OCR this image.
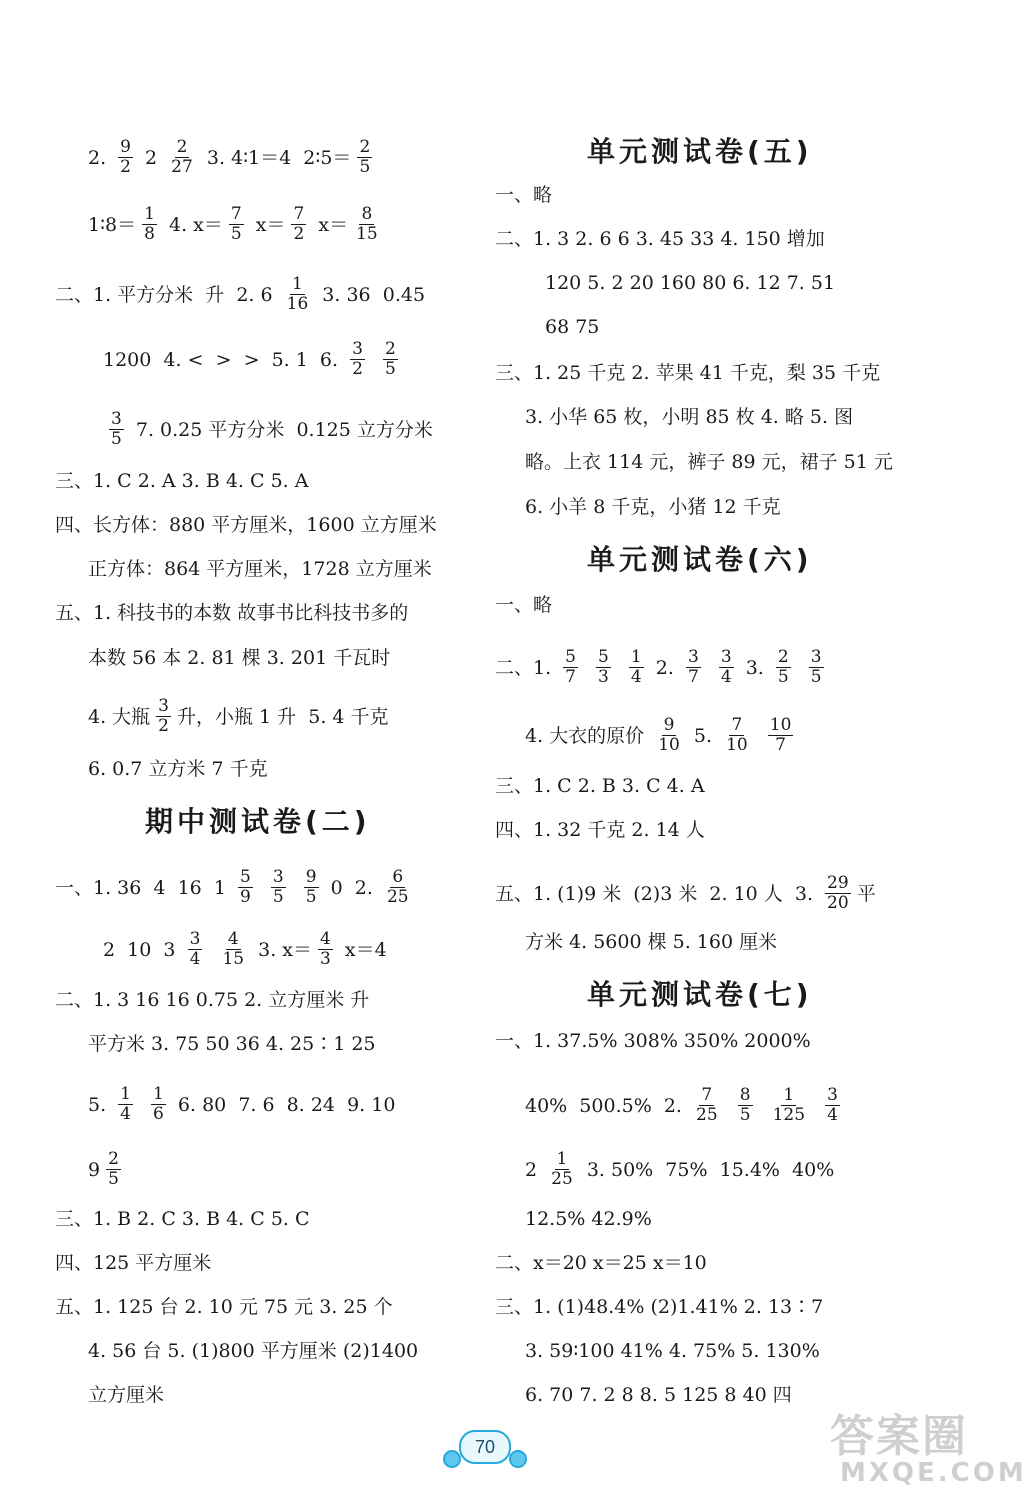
2. $\frac{9}{2} 2 \frac{2}{27} 3$. 4∶1＝4  2∶5＝ $\frac{2}{5}$
1∶8＝ $\frac{1}{8} 4$. $x= \frac{7}{5} x= \frac{7}{2} x= \frac{8}{15}$
二、1. 平方分米  升  2. $6 \frac{1}{16} 3$. 36  0.45
1200  4. <  >  >  5. 1  6. $\frac{3}{2}$
$\frac{2}{5}$
$\frac{3}{5} 7$. 0.25 平方分米  0.125 立方分米
三、1. C 2. A 3. B 4. C 5. A
四、长方体：880 平方厘米，1600 立方厘米
正方体：864 平方厘米，1728 立方厘米
五、1. 科技书的本数 故事书比科技书多的
本数 56 本 2. 81 棵 3. 201 千瓦时
4. 大瓶 $\frac{3}{2}$ 升，小瓶 1 升  5. 4 千克
6. 0.7 立方米 7 千克
期中测试卷(二)
一、1. 36  4  16  $1 \frac{5}{9}$
$\frac{3}{5}$
$\frac{9}{5} 0$  2. $\frac{6}{25}$
2  10  $3 \frac{3}{4}$
$\frac{4}{15} 3$. $x= \frac{4}{3} x=4$
二、1. 3 16 16 0.75 2. 立方厘米 升
平方米 3. 75 50 36 4. 25∶1 25
5. $\frac{1}{4}$
$\frac{1}{6} 6$. 80  7. 6  8. 24  9. 10
$9 \frac{2}{5}$
三、1. B 2. C 3. B 4. C 5. C
四、125 平方厘米
五、1. 125 台 2. 10 元 75 元 3. 25 个
4. 56 台 5. (1)800 平方厘米 (2)1400
立方厘米
单元测试卷(五)
一、略
二、1. 3 2. 6 6 3. 45 33 4. 150 增加
120 5. 2 20 160 80 6. 12 7. 51
68 75
三、1. 25 千克 2. 苹果 41 千克，梨 35 千克
3. 小华 65 枚，小明 85 枚 4. 略 5. 图
略。上衣 114 元，裤子 89 元，裙子 51 元
6. 小羊 8 千克，小猪 12 千克
单元测试卷(六)
一、略
二、1. $\frac{5}{7}$
$\frac{5}{3}$
$\frac{1}{4} 2$. $\frac{3}{7}$
$\frac{3}{4} 3$. $\frac{2}{5}$
$\frac{3}{5}$
4. 大衣的原价 $\frac{9}{10} 5$. $\frac{7}{10}$
$\frac{10}{7}$
三、1. C 2. B 3. C 4. A
四、1. 32 千克 2. 14 人
五、1. (1)9 米  (2)3 米  2. 10 人  3. $\frac{29}{20}$ 平
方米 4. 5600 棵 5. 160 厘米
单元测试卷(七)
一、1. 37.5% 308% 350% 2000%
40%  500.5%  2. $\frac{7}{25}$
$\frac{8}{5}$
$\frac{1}{125}$
$\frac{3}{4}$
$2 \frac{1}{25} 3$. 50%  75%  15.4%  40%
12.5% 42.9%
二、x＝20 x＝25 x＝10
三、1. (1)48.4% (2)1.41% 2. 13∶7
3. 59∶100 41% 4. 75% 5. 130%
6. 70 7. 2 8 8. 5 125 8 40 四
70	答案圈
MXQE.COM
